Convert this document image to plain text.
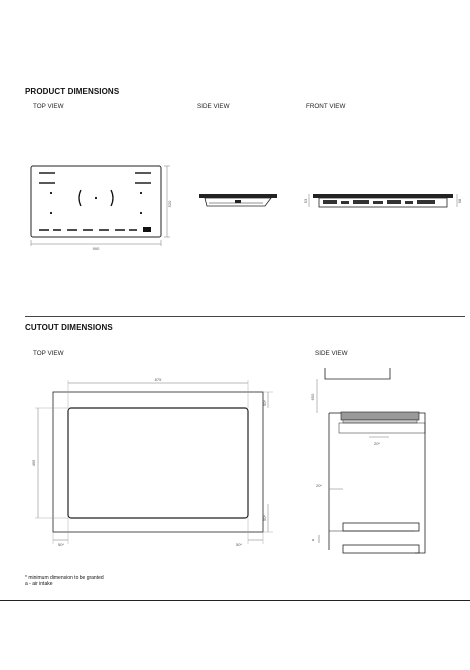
PRODUCT DIMENSIONS
TOP VIEW	SIDE VIEW	FRONT VIEW
900
520	53	58
CUTOUT DIMENSIONS
TOP VIEW	SIDE VIEW
875
495
50*
50*
50*	50*
650
20*
20*
a
* minimum dimension to be granted
a - air intake
